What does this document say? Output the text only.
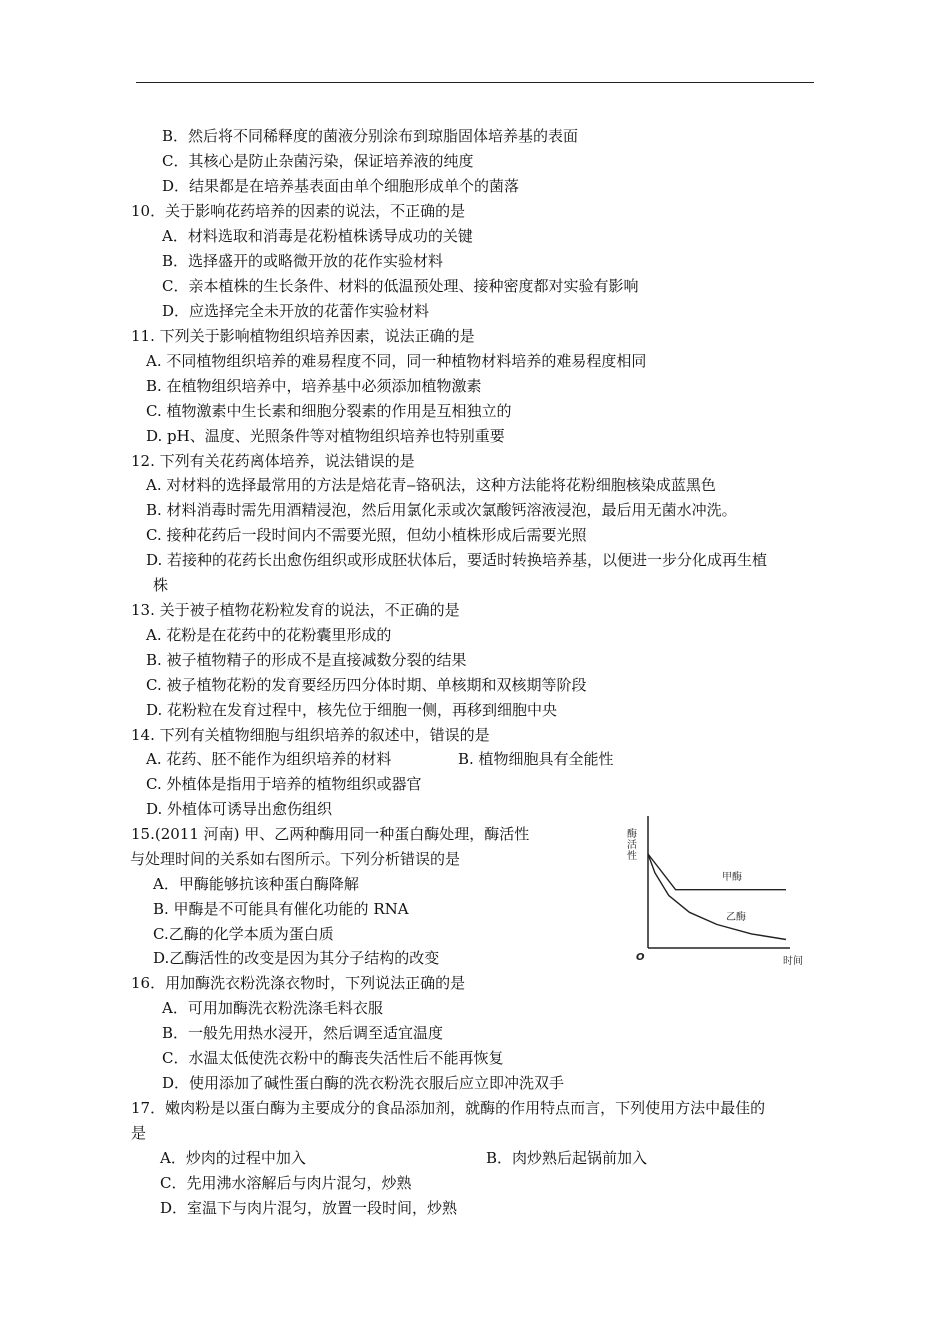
B．然后将不同稀释度的菌液分别涂布到琼脂固体培养基的表面
C．其核心是防止杂菌污染，保证培养液的纯度
D．结果都是在培养基表面由单个细胞形成单个的菌落
10．关于影响花药培养的因素的说法，不正确的是
A．材料选取和消毒是花粉植株诱导成功的关键
B．选择盛开的或略微开放的花作实验材料
C．亲本植株的生长条件、材料的低温预处理、接种密度都对实验有影响
D．应选择完全未开放的花蕾作实验材料
11. 下列关于影响植物组织培养因素，说法正确的是
A. 不同植物组织培养的难易程度不同，同一种植物材料培养的难易程度相同
B. 在植物组织培养中，培养基中必须添加植物激素
C. 植物激素中生长素和细胞分裂素的作用是互相独立的
D. pH、温度、光照条件等对植物组织培养也特别重要
12. 下列有关花药离体培养，说法错误的是
A. 对材料的选择最常用的方法是焙花青‒铬矾法，这种方法能将花粉细胞核染成蓝黑色
B. 材料消毒时需先用酒精浸泡，然后用氯化汞或次氯酸钙溶液浸泡，最后用无菌水冲洗。
C. 接种花药后一段时间内不需要光照，但幼小植株形成后需要光照
D. 若接种的花药长出愈伤组织或形成胚状体后，要适时转换培养基，以便进一步分化成再生植
株
13. 关于被子植物花粉粒发育的说法，不正确的是
A. 花粉是在花药中的花粉囊里形成的
B. 被子植物精子的形成不是直接减数分裂的结果
C. 被子植物花粉的发育要经历四分体时期、单核期和双核期等阶段
D. 花粉粒在发育过程中，核先位于细胞一侧，再移到细胞中央
14. 下列有关植物细胞与组织培养的叙述中，错误的是
A. 花药、胚不能作为组织培养的材料	B. 植物细胞具有全能性
C. 外植体是指用于培养的植物组织或器官
D. 外植体可诱导出愈伤组织
15.(2011 河南) 甲、乙两种酶用同一种蛋白酶处理，酶活性
与处理时间的关系如右图所示。下列分析错误的是
A．甲酶能够抗该种蛋白酶降解
B. 甲酶是不可能具有催化功能的 RNA
C.乙酶的化学本质为蛋白质
D.乙酶活性的改变是因为其分子结构的改变
酶活性
时间
O
甲酶
乙酶
16．用加酶洗衣粉洗涤衣物时，下列说法正确的是
A．可用加酶洗衣粉洗涤毛料衣服
B．一般先用热水浸开，然后调至适宜温度
C．水温太低使洗衣粉中的酶丧失活性后不能再恢复
D．使用添加了碱性蛋白酶的洗衣粉洗衣服后应立即冲洗双手
17．嫩肉粉是以蛋白酶为主要成分的食品添加剂，就酶的作用特点而言，下列使用方法中最佳的
是
A．炒肉的过程中加入	B．肉炒熟后起锅前加入
C．先用沸水溶解后与肉片混匀，炒熟
D．室温下与肉片混匀，放置一段时间，炒熟
